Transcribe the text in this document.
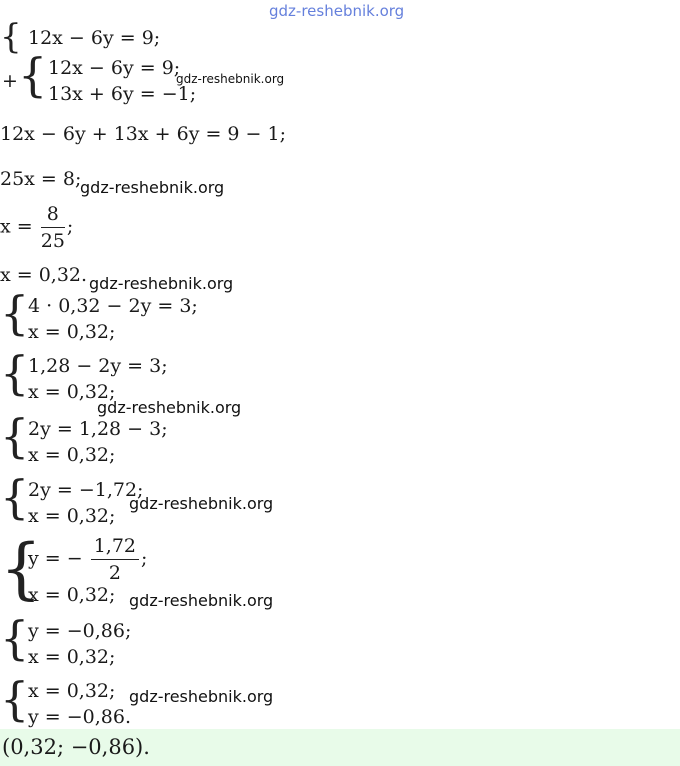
gdz-reshebnik.org
{ 12x − 6y = 9;
+ { 12x − 6y = 9;
13x + 6y = −1;
gdz-reshebnik.org
12x − 6y + 13x + 6y = 9 − 1;
25x = 8;
gdz-reshebnik.org
$x = \frac{8}{25}$ ;
x = 0,32. gdz-reshebnik.org
{
4 · 0,32 − 2y = 3;
x = 0,32;
{
1,28 − 2y = 3;
x = 0,32;
gdz-reshebnik.org
{
2y = 1,28 − 3;
x = 0,32;
{
2y = −1,72;
x = 0,32;
gdz-reshebnik.org
{
y = − $\frac{1,72}{2}$ ;
x = 0,32; gdz-reshebnik.org
{
y = −0,86;
x = 0,32;
{
x = 0,32;
y = −0,86.
gdz-reshebnik.org
(0,32; −0,86).
